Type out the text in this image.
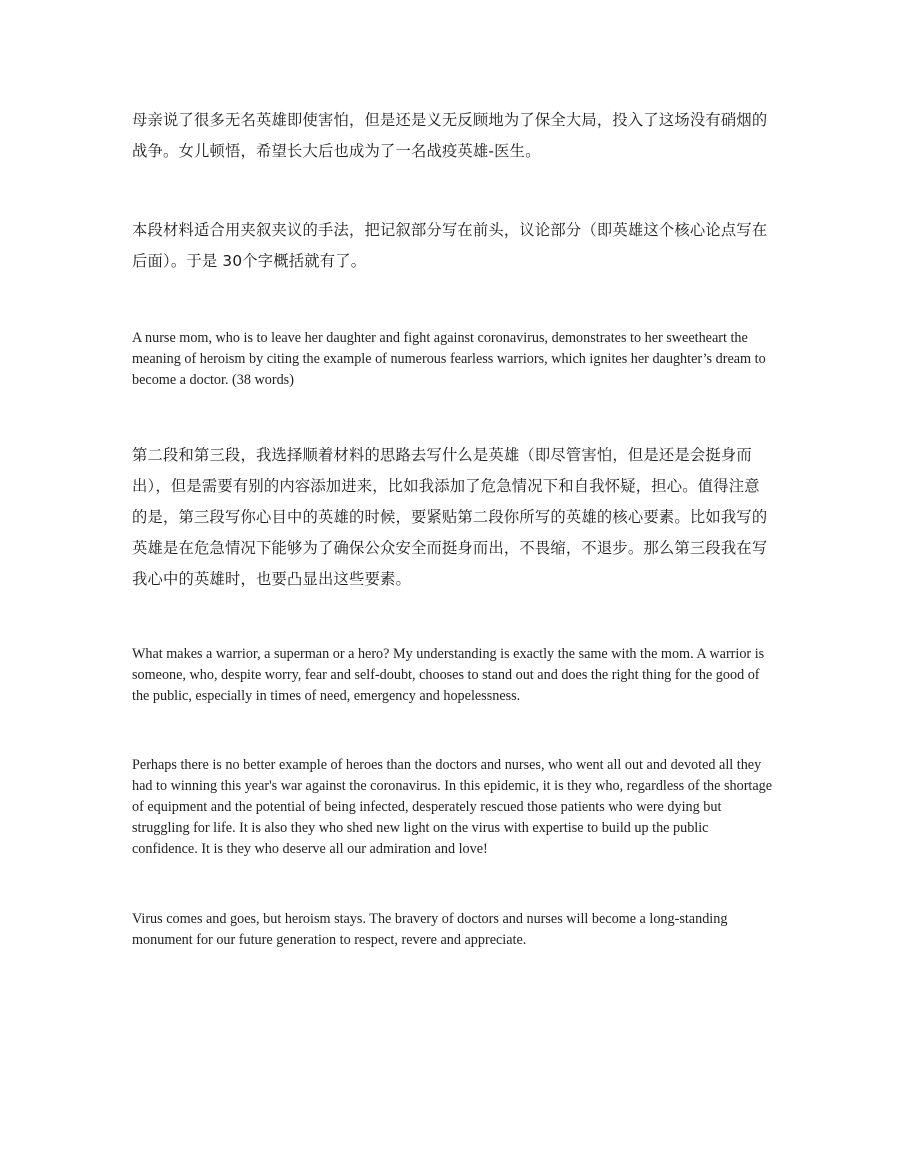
母亲说了很多无名英雄即使害怕，但是还是义无反顾地为了保全大局，投入了这场没有硝烟的战争。女儿顿悟，希望长大后也成为了一名战疫英雄-医生。

本段材料适合用夹叙夹议的手法，把记叙部分写在前头，议论部分（即英雄这个核心论点写在后面）。于是 30个字概括就有了。

A nurse mom, who is to leave her daughter and fight against coronavirus, demonstrates to her sweetheart the meaning of heroism by citing the example of numerous fearless warriors, which ignites her daughter’s dream to become a doctor. (38 words)

第二段和第三段，我选择顺着材料的思路去写什么是英雄（即尽管害怕，但是还是会挺身而出），但是需要有别的内容添加进来，比如我添加了危急情况下和自我怀疑，担心。值得注意的是，第三段写你心目中的英雄的时候，要紧贴第二段你所写的英雄的核心要素。比如我写的英雄是在危急情况下能够为了确保公众安全而挺身而出，不畏缩，不退步。那么第三段我在写我心中的英雄时，也要凸显出这些要素。

What makes a warrior, a superman or a hero? My understanding is exactly the same with the mom. A warrior is someone, who, despite worry, fear and self-doubt, chooses to stand out and does the right thing for the good of the public, especially in times of need, emergency and hopelessness.

Perhaps there is no better example of heroes than the doctors and nurses, who went all out and devoted all they had to winning this year's war against the coronavirus. In this epidemic, it is they who, regardless of the shortage of equipment and the potential of being infected, desperately rescued those patients who were dying but struggling for life. It is also they who shed new light on the virus with expertise to build up the public confidence. It is they who deserve all our admiration and love!

Virus comes and goes, but heroism stays. The bravery of doctors and nurses will become a long-standing monument for our future generation to respect, revere and appreciate.
